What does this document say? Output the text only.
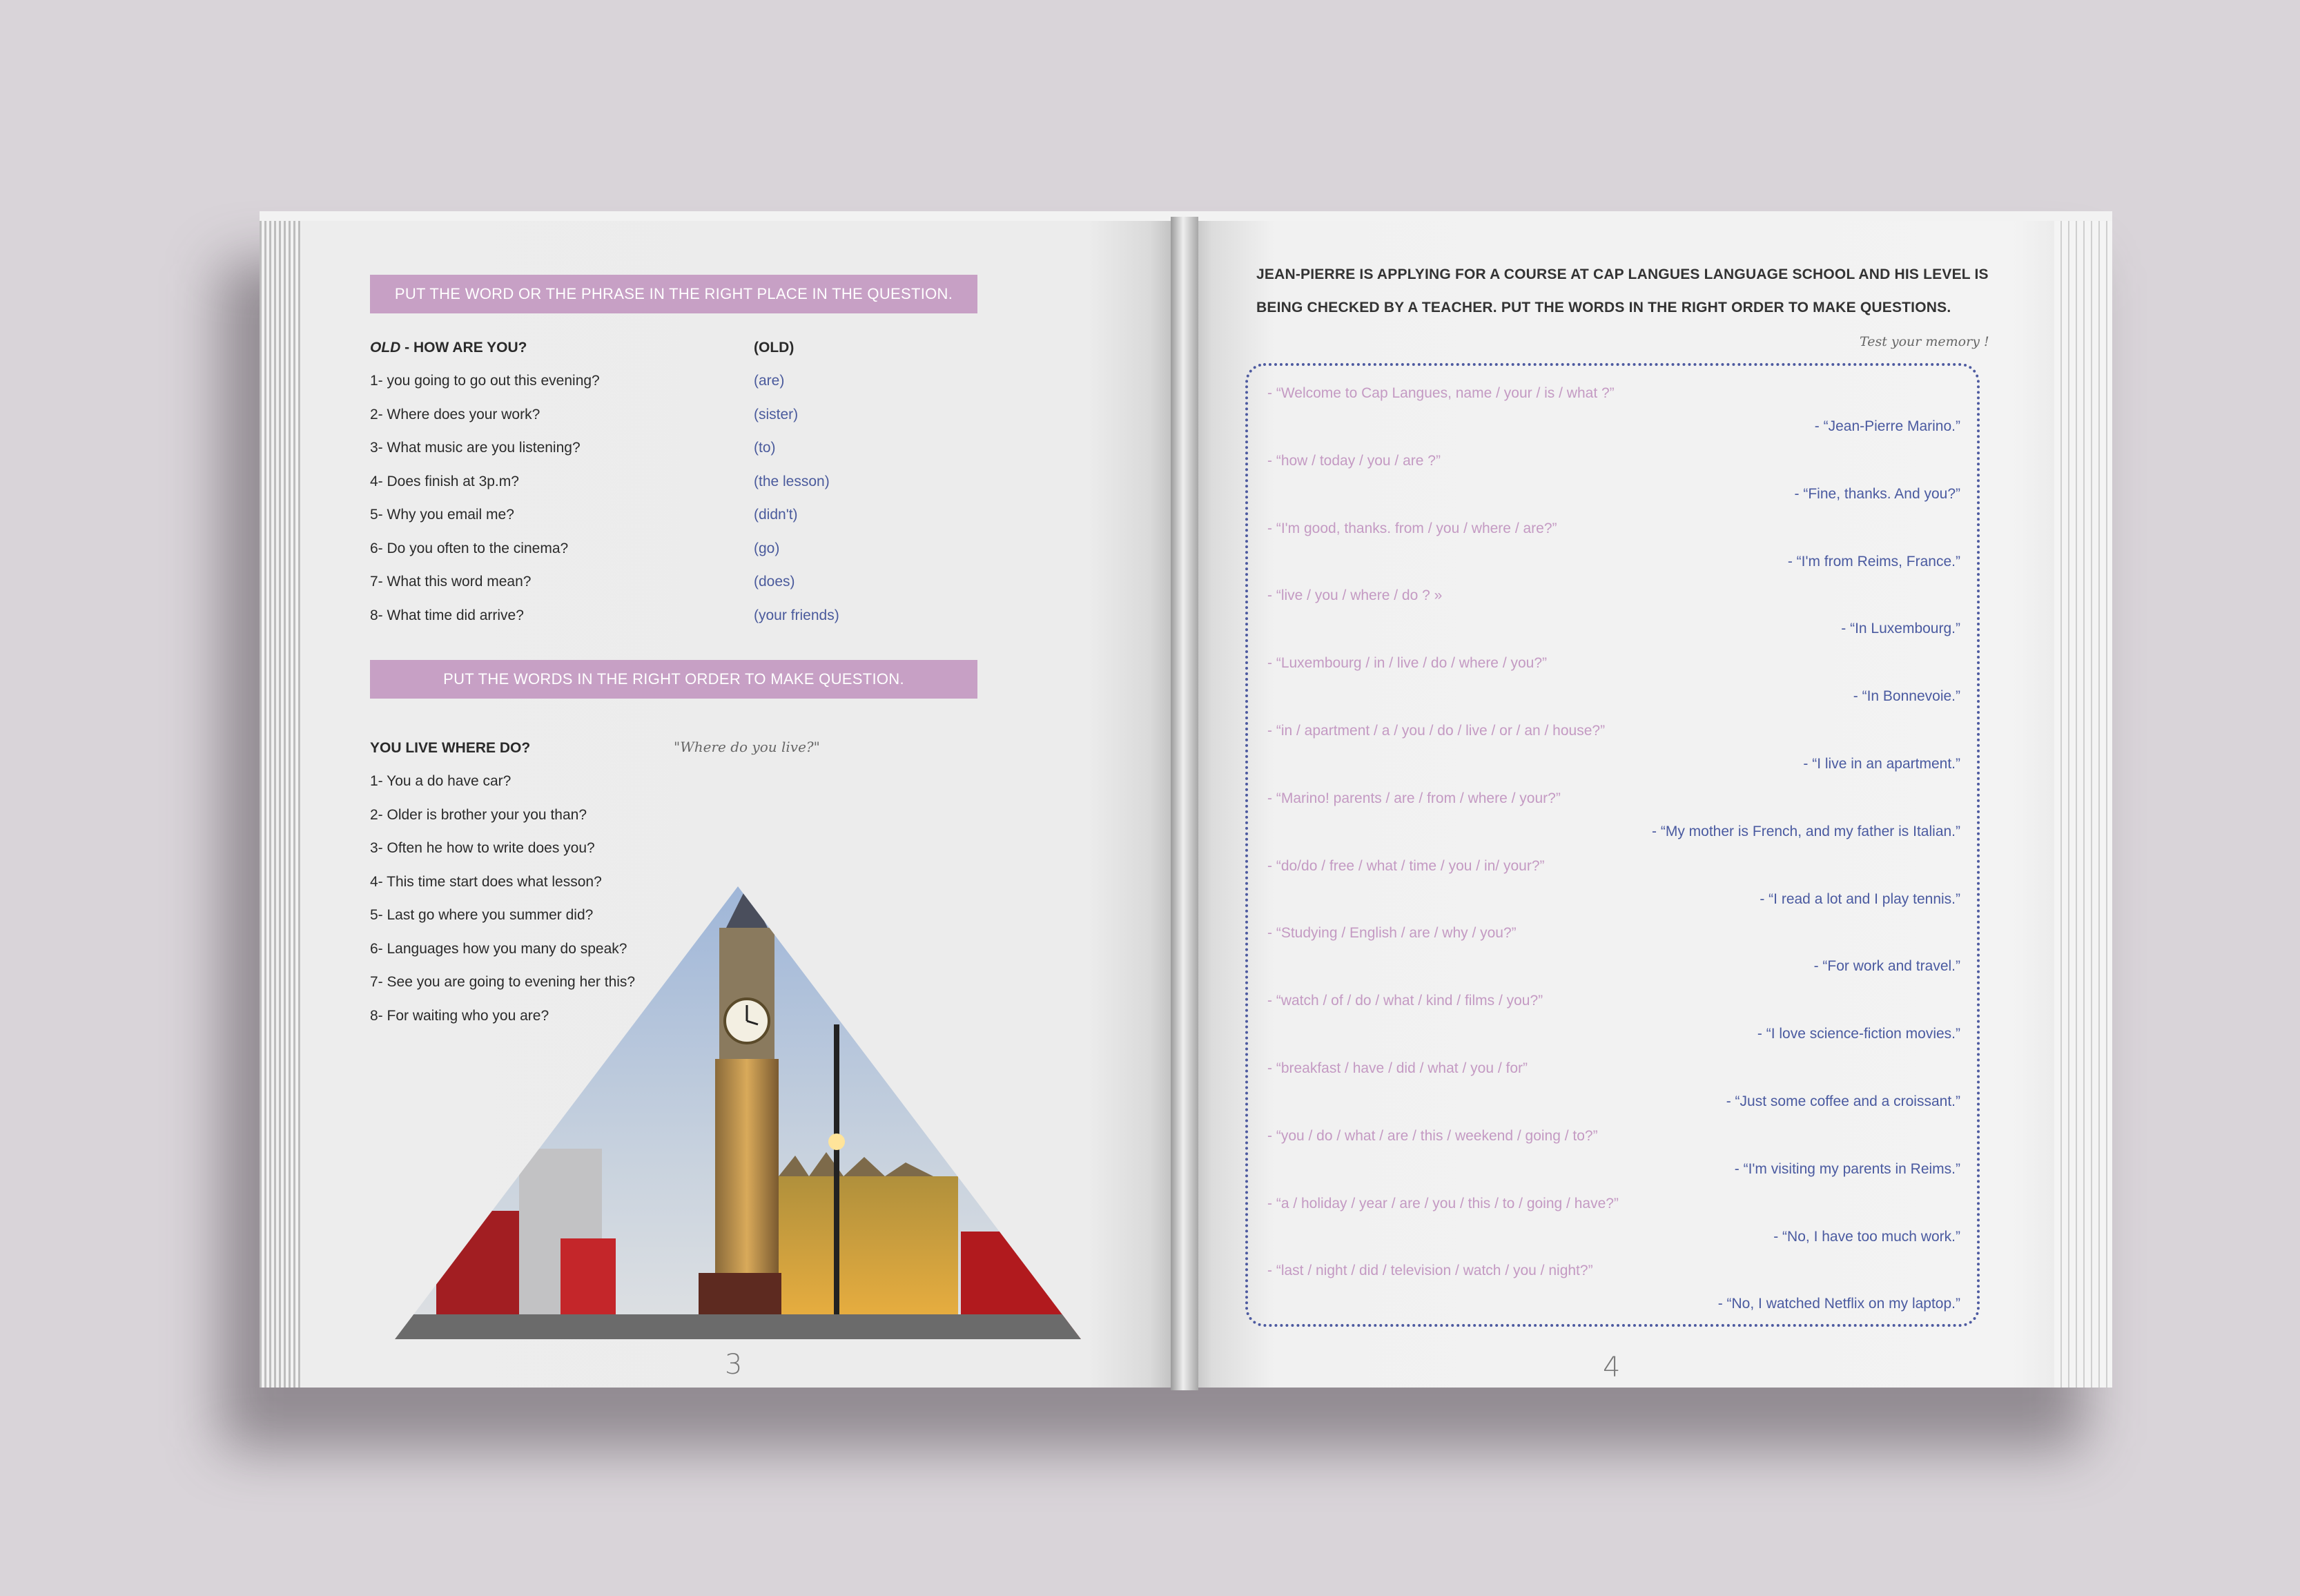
PUT THE WORD OR THE PHRASE IN THE RIGHT PLACE IN THE QUESTION.
OLD - HOW ARE YOU?	(OLD)
1- you going to go out this evening?	(are)
2- Where does your work?	(sister)
3- What music are you listening?	(to)
4- Does finish at 3p.m?	(the lesson)
5- Why you email me?	(didn't)
6- Do you often to the cinema?	(go)
7- What this word mean?	(does)
8- What time did arrive?	(your friends)
PUT THE WORDS IN THE RIGHT ORDER TO MAKE QUESTION.
YOU LIVE WHERE DO?	"Where do you live?"
1- You a do have car?
2- Older is brother your you than?
3- Often he how to write does you?
4- This time start does what lesson?
5- Last go where you summer did?
6- Languages how you many do speak?
7- See you are going to evening her this?
8- For waiting who you are?
3
JEAN-PIERRE IS APPLYING FOR A COURSE AT CAP LANGUES LANGUAGE SCHOOL AND HIS LEVEL IS
BEING CHECKED BY A TEACHER. PUT THE WORDS IN THE RIGHT ORDER TO MAKE QUESTIONS.
Test your memory !
- “Welcome to Cap Langues, name / your / is / what ?”
- “Jean-Pierre Marino.”
- “how / today / you / are ?”
- “Fine, thanks. And you?”
- “I'm good, thanks. from / you / where / are?”
- “I'm from Reims, France.”
- “live / you / where / do ? »
- “In Luxembourg.”
- “Luxembourg / in / live / do / where / you?”
- “In Bonnevoie.”
- “in / apartment / a / you / do / live / or / an / house?”
- “I live in an apartment.”
- “Marino! parents / are / from / where / your?”
- “My mother is French, and my father is Italian.”
- “do/do / free / what / time / you / in/ your?”
- “I read a lot and I play tennis.”
- “Studying / English / are / why / you?”
- “For work and travel.”
- “watch / of / do / what / kind / films / you?”
- “I love science-fiction movies.”
- “breakfast / have / did / what / you / for”
- “Just some coffee and a croissant.”
- “you / do / what / are / this / weekend / going / to?”
- “I'm visiting my parents in Reims.”
- “a / holiday / year / are / you / this / to / going / have?”
- “No, I have too much work.”
- “last / night / did / television / watch / you / night?”
- “No, I watched Netflix on my laptop.”
4
